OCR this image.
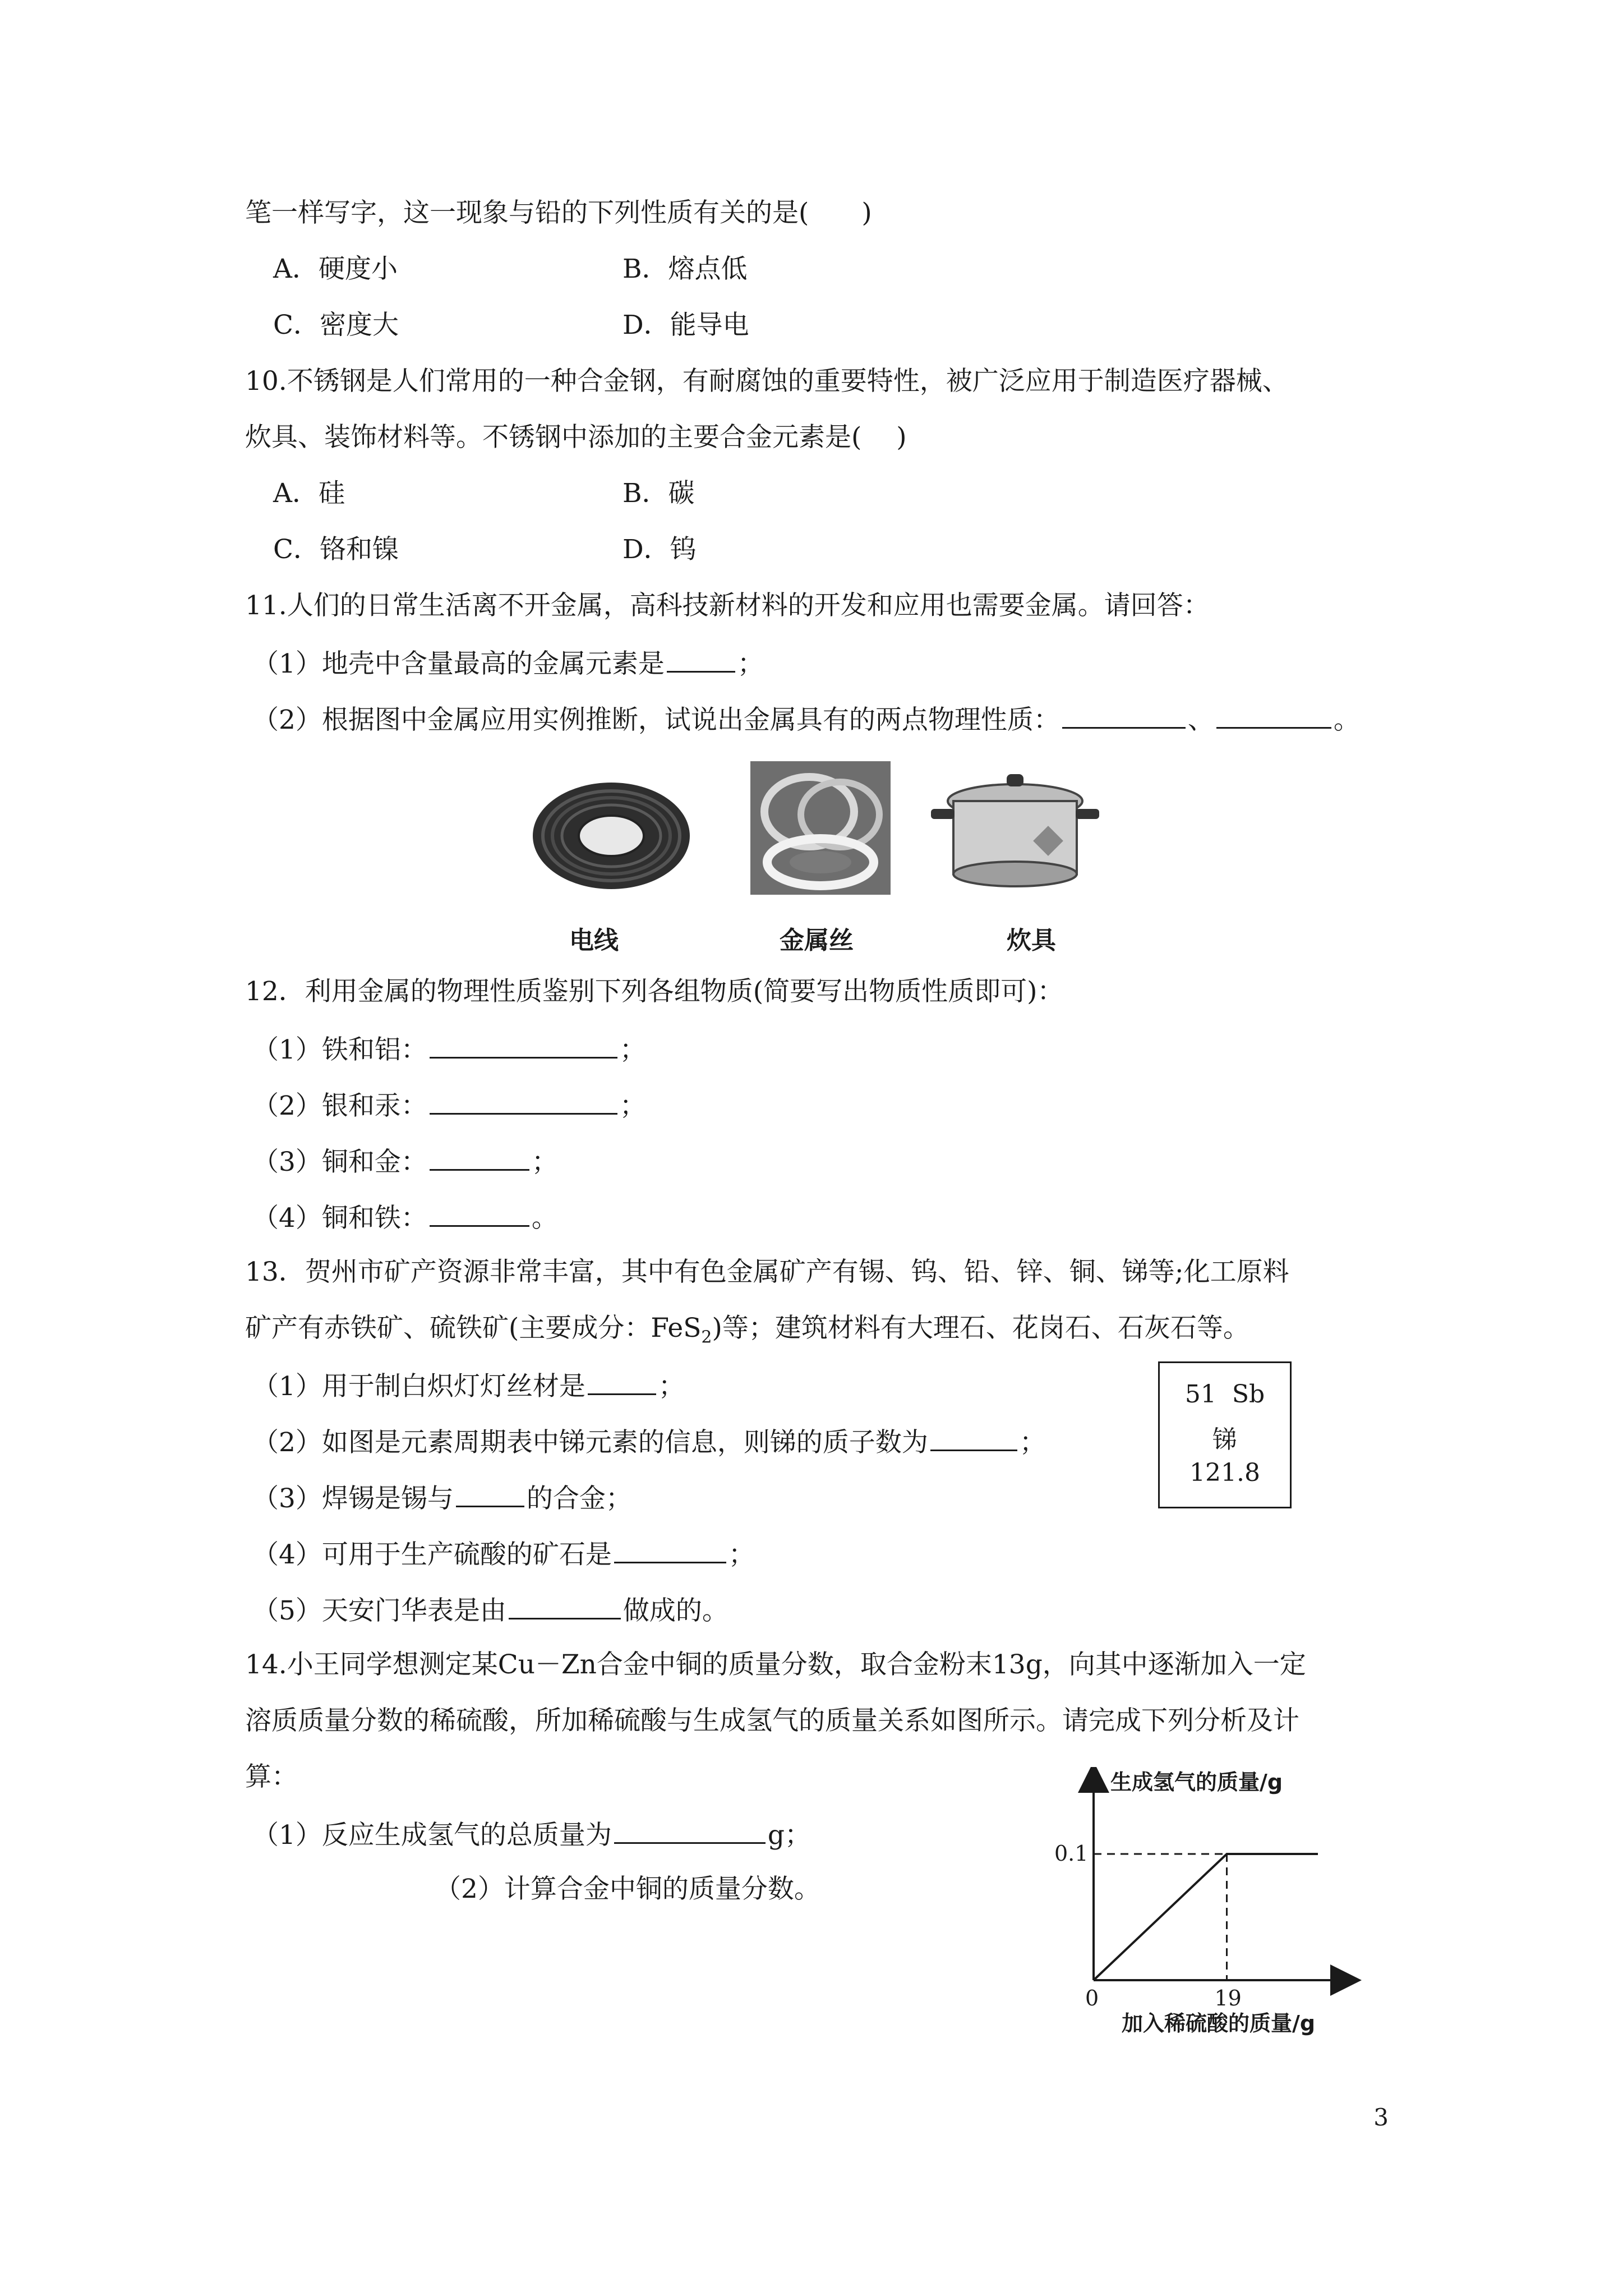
笔一样写字，这一现象与铅的下列性质有关的是(　　)
A．硬度小	B．熔点低
C．密度大	D．能导电
10.不锈钢是人们常用的一种合金钢，有耐腐蚀的重要特性，被广泛应用于制造医疗器械、
炊具、装饰材料等。不锈钢中添加的主要合金元素是(　 )
A．硅	B．碳
C．铬和镍	D．钨
11.人们的日常生活离不开金属，高科技新材料的开发和应用也需要金属。请回答：
（1）地壳中含量最高的金属元素是	；
（2）根据图中金属应用实例推断，试说出金属具有的两点物理性质：	、	。
电线	金属丝	炊具
12．利用金属的物理性质鉴别下列各组物质(简要写出物质性质即可)：
（1）铁和铝：	；
（2）银和汞：	；
（3）铜和金：	；
（4）铜和铁：	。
13．贺州市矿产资源非常丰富，其中有色金属矿产有锡、钨、铅、锌、铜、锑等;化工原料
矿产有赤铁矿、硫铁矿(主要成分：FeS$_2$)等；建筑材料有大理石、花岗石、石灰石等。
（1）用于制白炽灯灯丝材是	；
（2）如图是元素周期表中锑元素的信息，则锑的质子数为	；
（3）焊锡是锡与	的合金；
（4）可用于生产硫酸的矿石是	；
（5）天安门华表是由	做成的。
51 Sb
锑
121.8
14.小王同学想测定某Cu－Zn合金中铜的质量分数，取合金粉末13g，向其中逐渐加入一定
溶质质量分数的稀硫酸，所加稀硫酸与生成氢气的质量关系如图所示。请完成下列分析及计
算：
（1）反应生成氢气的总质量为	g；
（2）计算合金中铜的质量分数。
生成氢气的质量/g
加入稀硫酸的质量/g
0
0.1
19
3
